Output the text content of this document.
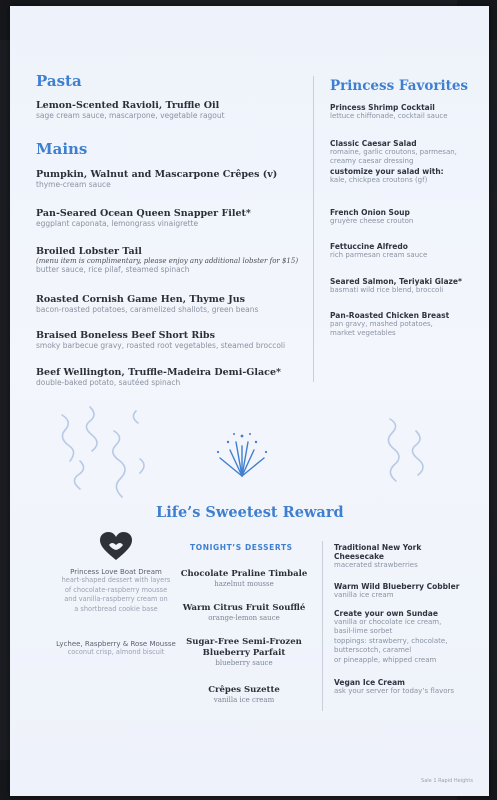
Pasta
Lemon-Scented Ravioli, Truffle Oil
sage cream sauce, mascarpone, vegetable ragout
Mains
Pumpkin, Walnut and Mascarpone Crêpes (v)
thyme-cream sauce
Pan-Seared Ocean Queen Snapper Filet*
eggplant caponata, lemongrass vinaigrette
Broiled Lobster Tail
(menu item is complimentary, please enjoy any additional lobster for $15)
butter sauce, rice pilaf, steamed spinach
Roasted Cornish Game Hen, Thyme Jus
bacon-roasted potatoes, caramelized shallots, green beans
Braised Boneless Beef Short Ribs
smoky barbecue gravy, roasted root vegetables, steamed broccoli
Beef Wellington, Truffle-Madeira Demi-Glace*
double-baked potato, sautéed spinach
Princess Favorites
Princess Shrimp Cocktail
lettuce chiffonade, cocktail sauce
Classic Caesar Salad
romaine, garlic croutons, parmesan,
creamy caesar dressing
customize your salad with:
kale, chickpea croutons (gf)
French Onion Soup
gruyère cheese crouton
Fettuccine Alfredo
rich parmesan cream sauce
Seared Salmon, Teriyaki Glaze*
basmati wild rice blend, broccoli
Pan-Roasted Chicken Breast
pan gravy, mashed potatoes,
market vegetables
Life’s Sweetest Reward
Princess Love Boat Dream
heart-shaped dessert with layers
of chocolate-raspberry mousse
and vanilla-raspberry cream on
a shortbread cookie base
Lychee, Raspberry & Rose Mousse
coconut crisp, almond biscuit
TONIGHT’S DESSERTS
Chocolate Praline Timbale
hazelnut mousse
Warm Citrus Fruit Soufflé
orange-lemon sauce
Sugar-Free Semi-Frozen
Blueberry Parfait
blueberry sauce
Crêpes Suzette
vanilla ice cream
Traditional New York
Cheesecake
macerated strawberries
Warm Wild Blueberry Cobbler
vanilla ice cream
Create your own Sundae
vanilla or chocolate ice cream,
basil-lime sorbet
toppings: strawberry, chocolate,
butterscotch, caramel
or pineapple, whipped cream
Vegan Ice Cream
ask your server for today’s flavors
Sale 1 Rapid Heights
